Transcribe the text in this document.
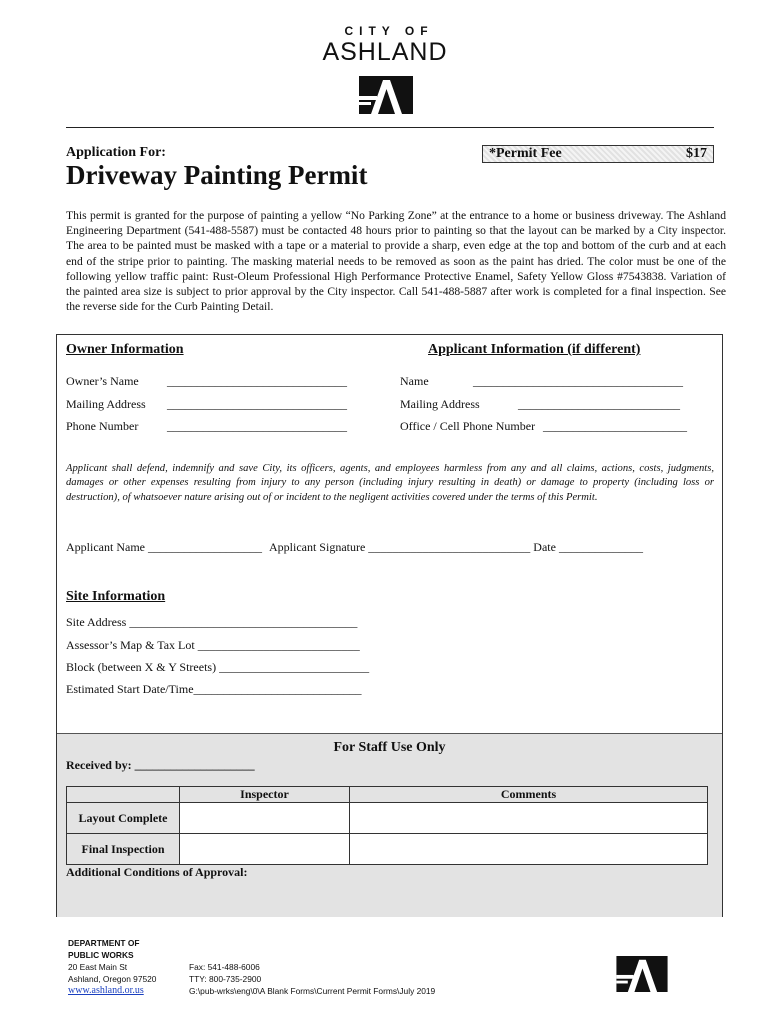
CITY OF
ASHLAND
Application For:	*Permit Fee	$17
Driveway Painting Permit
This permit is granted for the purpose of painting a yellow “No Parking Zone” at the entrance to a home or business driveway. The Ashland Engineering Department (541-488-5587) must be contacted 48 hours prior to painting so that the layout can be marked by a City inspector. The area to be painted must be masked with a tape or a material to provide a sharp, even edge at the top and bottom of the curb and at each end of the stripe prior to painting. The masking material needs to be removed as soon as the paint has dried. The color must be one of the following yellow traffic paint: Rust-Oleum Professional High Performance Protective Enamel, Safety Yellow Gloss #7543838. Variation of the painted area size is subject to prior approval by the City inspector. Call 541-488-5887 after work is completed for a final inspection. See the reverse side for the Curb Painting Detail.
Owner Information	Applicant Information (if different)
Owner’s Name ______________________________
Mailing Address ______________________________
Phone Number ______________________________
Name	___________________________________
Mailing Address	___________________________
Office / Cell Phone Number ________________________
Applicant shall defend, indemnify and save City, its officers, agents, and employees harmless from any and all claims, actions, costs, judgments, damages or other expenses resulting from injury to any person (including injury resulting in death) or damage to property (including loss or destruction), of whatsoever nature arising out of or incident to the negligent activities covered under the terms of this Permit.
Applicant Name ___________________ Applicant Signature ___________________________ Date ______________
Site Information
Site Address ______________________________________
Assessor’s Map & Tax Lot ___________________________
Block (between X & Y Streets) _________________________
Estimated Start Date/Time____________________________
For Staff Use Only
Received by: ____________________
	Inspector	Comments
Layout Complete		
Final Inspection		
Additional Conditions of Approval:
DEPARTMENT OF
PUBLIC WORKS
20 East Main St
Ashland, Oregon 97520
www.ashland.or.us
Fax: 541-488-6006
TTY: 800-735-2900
G:\pub-wrks\eng\0\A Blank Forms\Current Permit Forms\July 2019
